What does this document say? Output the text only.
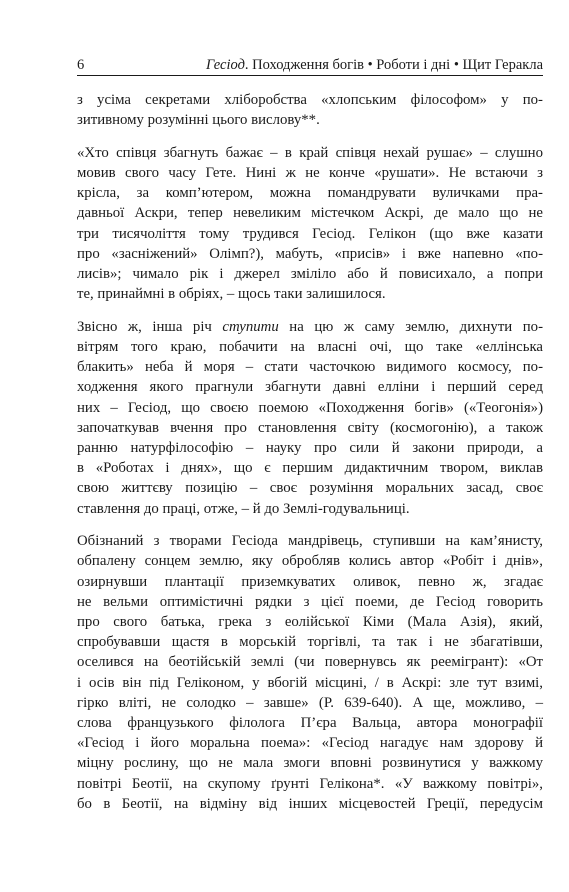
6	Гесіод. Походження богів • Роботи і дні • Щит Геракла
з усіма секретами хліборобства «хлопським філософом» у по-
зитивному розумінні цього вислову**.
«Хто співця збагнуть бажає – в край співця нехай рушає» – слушно
мовив свого часу Гете. Нині ж не конче «рушати». Не встаючи з
крісла, за комп’ютером, можна помандрувати вуличками пра-
давньої Аскри, тепер невеликим містечком Аскрі, де мало що не
три тисячоліття тому трудився Гесіод. Гелікон (що вже казати
про «засніжений» Олімп?), мабуть, «присів» і вже напевно «по-
лисів»; чимало рік і джерел зміліло або й повисихало, а попри
те, принаймні в обріях, – щось таки залишилося.
Звісно ж, інша річ ступити на цю ж саму землю, дихнути по-
вітрям того краю, побачити на власні очі, що таке «еллінська
блакить» неба й моря – стати часточкою видимого космосу, по-
ходження якого прагнули збагнути давні елліни і перший серед
них – Гесіод, що своєю поемою «Походження богів» («Теогонія»)
започаткував вчення про становлення світу (космогонію), а також
ранню натурфілософію – науку про сили й закони природи, а
в «Роботах і днях», що є першим дидактичним твором, виклав
свою життєву позицію – своє розуміння моральних засад, своє
ставлення до праці, отже, – й до Землі-годувальниці.
Обізнаний з творами Гесіода мандрівець, ступивши на кам’янисту,
обпалену сонцем землю, яку обробляв колись автор «Робіт і днів»,
озирнувши плантації приземкуватих оливок, певно ж, згадає
не вельми оптимістичні рядки з цієї поеми, де Гесіод говорить
про свого батька, грека з еолійської Кіми (Мала Азія), який,
спробувавши щастя в морській торгівлі, та так і не збагатівши,
оселився на беотійській землі (чи повернувсь як реемігрант): «От
і осів він під Геліконом, у вбогій місцині, / в Аскрі: зле тут взимі,
гірко вліті, не солодко – завше» (Р. 639-640). А ще, можливо, –
слова французького філолога П’єра Вальца, автора монографії
«Гесіод і його моральна поема»: «Гесіод нагадує нам здорову й
міцну рослину, що не мала змоги вповні розвинутися у важкому
повітрі Беотії, на скупому ґрунті Гелікона*. «У важкому повітрі»,
бо в Беотії, на відміну від інших місцевостей Греції, передусім
